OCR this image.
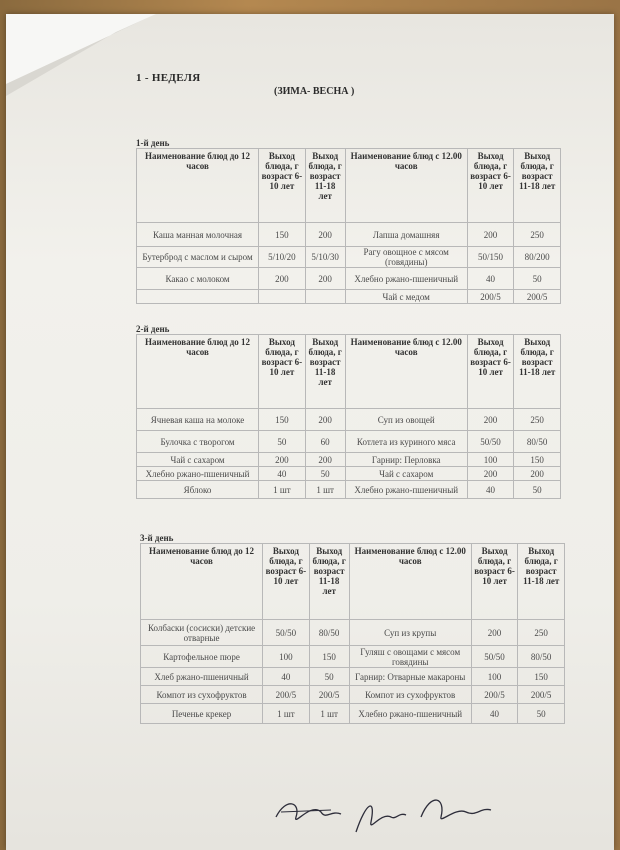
1 - НЕДЕЛЯ
(ЗИМА- ВЕСНА )
1-й день
Наименование блюд до 12 часов	Выход блюда, г возраст 6-10 лет	Выход блюда, г возраст 11-18 лет	Наименование блюд с 12.00 часов	Выход блюда, г возраст 6-10 лет	Выход блюда, г возраст 11-18 лет
Каша манная молочная	150	200	Лапша домашняя	200	250
Бутерброд с маслом и сыром	5/10/20	5/10/30	Рагу овощное с мясом (говядины)	50/150	80/200
Какао с молоком	200	200	Хлебно ржано-пшеничный	40	50
			Чай с медом	200/5	200/5
2-й день
Наименование блюд до 12 часов	Выход блюда, г возраст 6-10 лет	Выход блюда, г возраст 11-18 лет	Наименование блюд с 12.00 часов	Выход блюда, г возраст 6-10 лет	Выход блюда, г возраст 11-18 лет
Ячневая каша на молоке	150	200	Суп из овощей	200	250
Булочка с творогом	50	60	Котлета из куриного мяса	50/50	80/50
Чай с сахаром	200	200	Гарнир: Перловка	100	150
Хлебно ржано-пшеничный	40	50	Чай с сахаром	200	200
Яблоко	1 шт	1 шт	Хлебно ржано-пшеничный	40	50
3-й день
Наименование блюд до 12 часов	Выход блюда, г возраст 6-10 лет	Выход блюда, г возраст 11-18 лет	Наименование блюд с 12.00 часов	Выход блюда, г возраст 6-10 лет	Выход блюда, г возраст 11-18 лет
Колбаски (сосиски) детские отварные	50/50	80/50	Суп из крупы	200	250
Картофельное пюре	100	150	Гуляш с овощами с мясом говядины	50/50	80/50
Хлеб ржано-пшеничный	40	50	Гарнир: Отварные макароны	100	150
Компот из сухофруктов	200/5	200/5	Компот из сухофруктов	200/5	200/5
Печенье крекер	1 шт	1 шт	Хлебно ржано-пшеничный	40	50
